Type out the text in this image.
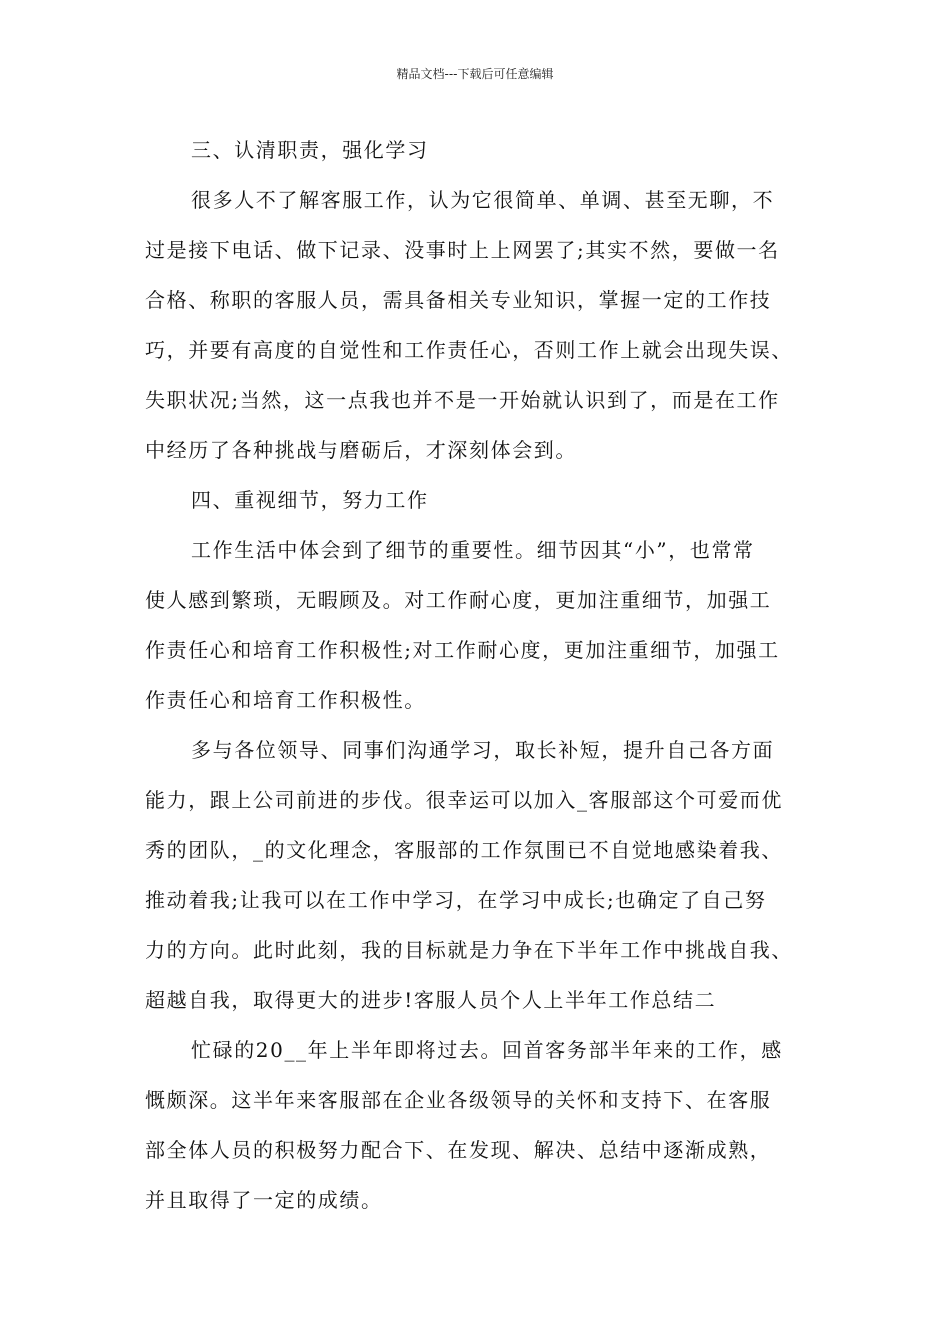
精品文档---下载后可任意编辑
三、认清职责，强化学习
很多人不了解客服工作，认为它很简单、单调、甚至无聊，不
过是接下电话、做下记录、没事时上上网罢了;其实不然，要做一名
合格、称职的客服人员，需具备相关专业知识，掌握一定的工作技
巧，并要有高度的自觉性和工作责任心，否则工作上就会出现失误、
失职状况;当然，这一点我也并不是一开始就认识到了，而是在工作
中经历了各种挑战与磨砺后，才深刻体会到。
四、重视细节，努力工作
工作生活中体会到了细节的重要性。细节因其“小”，也常常
使人感到繁琐，无暇顾及。对工作耐心度，更加注重细节，加强工
作责任心和培育工作积极性;对工作耐心度，更加注重细节，加强工
作责任心和培育工作积极性。
多与各位领导、同事们沟通学习，取长补短，提升自己各方面
能力，跟上公司前进的步伐。很幸运可以加入_客服部这个可爱而优
秀的团队，_的文化理念，客服部的工作氛围已不自觉地感染着我、
推动着我;让我可以在工作中学习，在学习中成长;也确定了自己努
力的方向。此时此刻，我的目标就是力争在下半年工作中挑战自我、
超越自我，取得更大的进步!客服人员个人上半年工作总结二
忙碌的20__年上半年即将过去。回首客务部半年来的工作，感
慨颇深。这半年来客服部在企业各级领导的关怀和支持下、在客服
部全体人员的积极努力配合下、在发现、解决、总结中逐渐成熟，
并且取得了一定的成绩。
